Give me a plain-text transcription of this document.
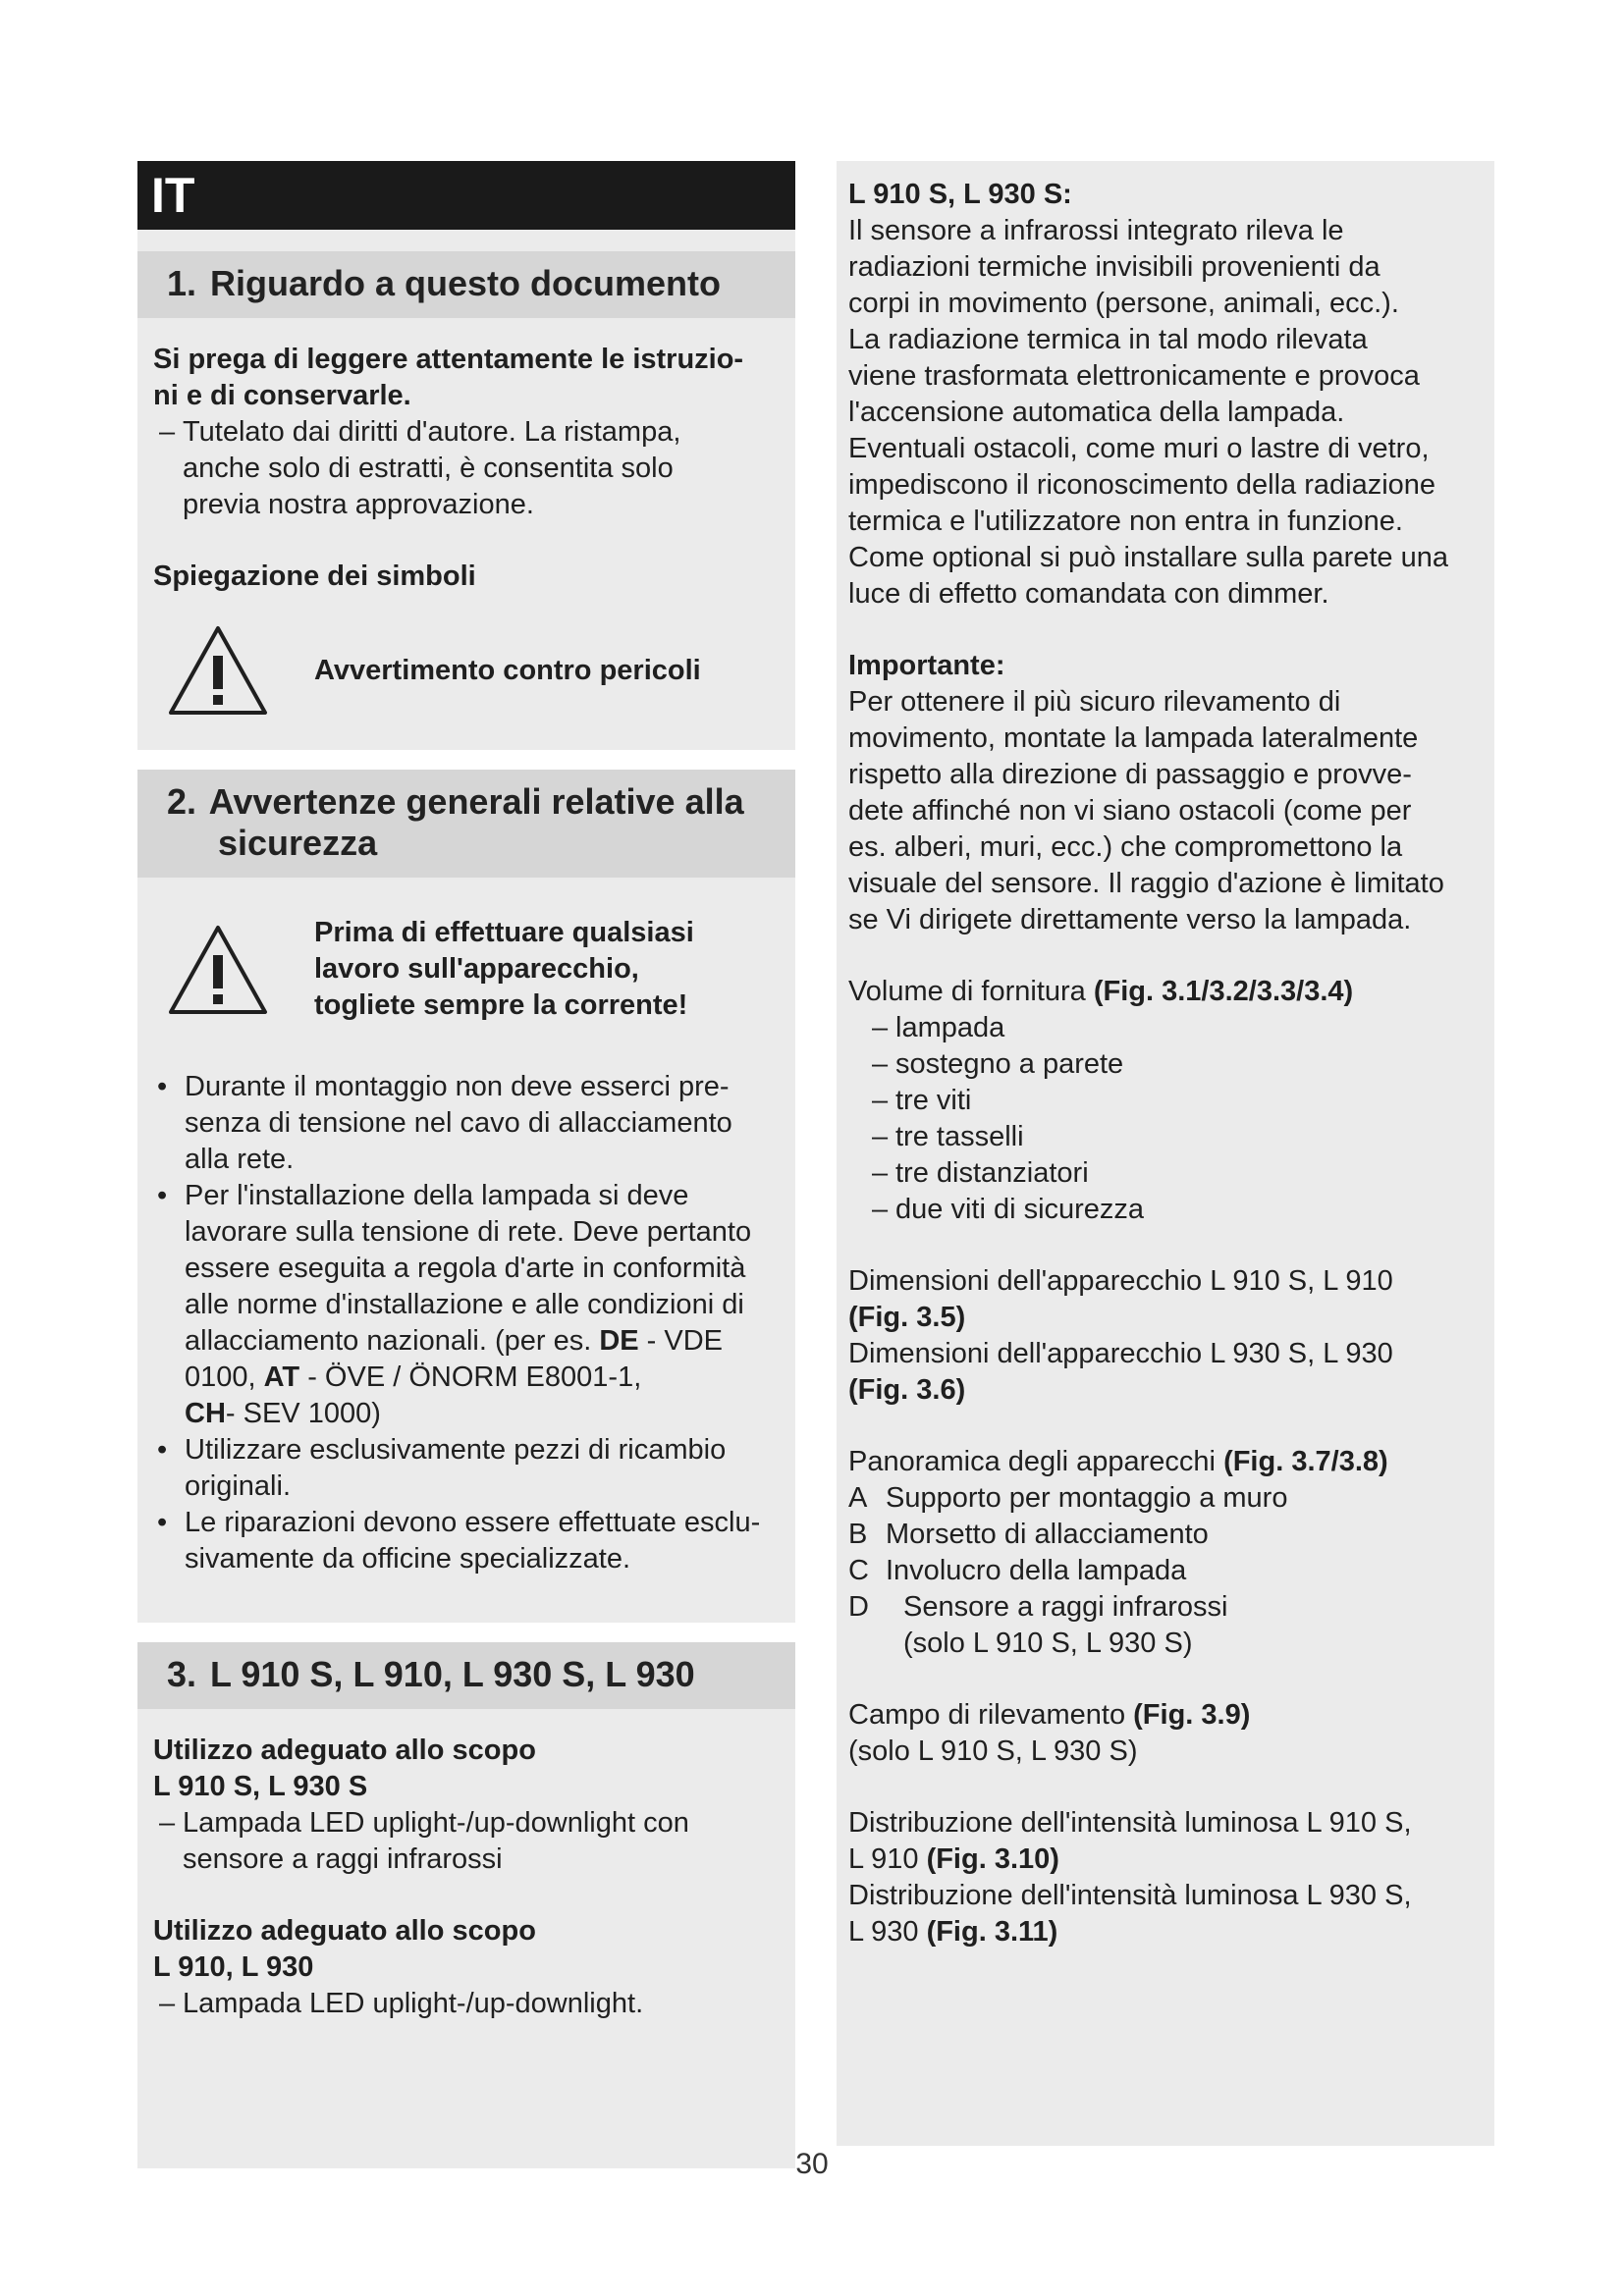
IT
1. Riguardo a questo documento
Si prega di leggere attentamente le istruzio-
ni e di conservarle.
– Tutelato dai diritti d'autore. La ristampa,
anche solo di estratti, è consentita solo
previa nostra approvazione.
Spiegazione dei simboli
Avvertimento contro pericoli
2. Avvertenze generali relative alla
sicurezza
Prima di effettuare qualsiasi
lavoro sull'apparecchio,
togliete sempre la corrente!
• Durante il montaggio non deve esserci pre-
senza di tensione nel cavo di allacciamento
alla rete.
• Per l'installazione della lampada si deve
lavorare sulla tensione di rete. Deve pertanto
essere eseguita a regola d'arte in conformità
alle norme d'installazione e alle condizioni di
allacciamento nazionali. (per es. DE - VDE
0100, AT - ÖVE / ÖNORM E8001-1,
CH- SEV 1000)
• Utilizzare esclusivamente pezzi di ricambio
originali.
• Le riparazioni devono essere effettuate esclu-
sivamente da officine specializzate.
3. L 910 S, L 910, L 930 S, L 930
Utilizzo adeguato allo scopo
L 910 S, L 930 S
– Lampada LED uplight-/up-downlight con
sensore a raggi infrarossi
Utilizzo adeguato allo scopo
L 910, L 930
– Lampada LED uplight-/up-downlight.
L 910 S, L 930 S:
Il sensore a infrarossi integrato rileva le
radiazioni termiche invisibili provenienti da
corpi in movimento (persone, animali, ecc.).
La radiazione termica in tal modo rilevata
viene trasformata elettronicamente e provoca
l'accensione automatica della lampada.
Eventuali ostacoli, come muri o lastre di vetro,
impediscono il riconoscimento della radiazione
termica e l'utilizzatore non entra in funzione.
Come optional si può installare sulla parete una
luce di effetto comandata con dimmer.
Importante:
Per ottenere il più sicuro rilevamento di
movimento, montate la lampada lateralmente
rispetto alla direzione di passaggio e provve-
dete affinché non vi siano ostacoli (come per
es. alberi, muri, ecc.) che compromettono la
visuale del sensore. Il raggio d'azione è limitato
se Vi dirigete direttamente verso la lampada.
Volume di fornitura (Fig. 3.1/3.2/3.3/3.4)
– lampada
– sostegno a parete
– tre viti
– tre tasselli
– tre distanziatori
– due viti di sicurezza
Dimensioni dell'apparecchio L 910 S, L 910
(Fig. 3.5)
Dimensioni dell'apparecchio L 930 S, L 930
(Fig. 3.6)
Panoramica degli apparecchi (Fig. 3.7/3.8)
A Supporto per montaggio a muro
B Morsetto di allacciamento
C Involucro della lampada
D	Sensore a raggi infrarossi
(solo L 910 S, L 930 S)
Campo di rilevamento (Fig. 3.9)
(solo L 910 S, L 930 S)
Distribuzione dell'intensità luminosa L 910 S,
L 910 (Fig. 3.10)
Distribuzione dell'intensità luminosa L 930 S,
L 930 (Fig. 3.11)
30
